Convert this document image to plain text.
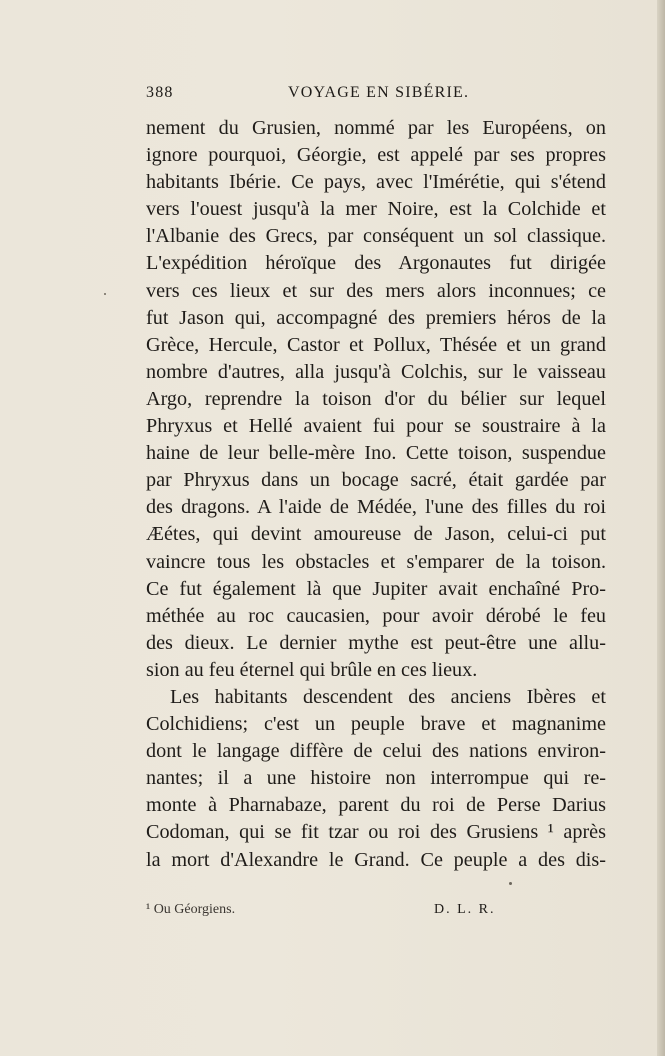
388	VOYAGE EN SIBÉRIE.
nement du Grusien, nommé par les Européens, on
ignore pourquoi, Géorgie, est appelé par ses propres
habitants Ibérie. Ce pays, avec l'Imérétie, qui s'étend
vers l'ouest jusqu'à la mer Noire, est la Colchide et
l'Albanie des Grecs, par conséquent un sol classique.
L'expédition héroïque des Argonautes fut dirigée
vers ces lieux et sur des mers alors inconnues; ce
fut Jason qui, accompagné des premiers héros de la
Grèce, Hercule, Castor et Pollux, Thésée et un grand
nombre d'autres, alla jusqu'à Colchis, sur le vaisseau
Argo, reprendre la toison d'or du bélier sur lequel
Phryxus et Hellé avaient fui pour se soustraire à la
haine de leur belle-mère Ino. Cette toison, suspendue
par Phryxus dans un bocage sacré, était gardée par
des dragons. A l'aide de Médée, l'une des filles du roi
Æétes, qui devint amoureuse de Jason, celui-ci put
vaincre tous les obstacles et s'emparer de la toison.
Ce fut également là que Jupiter avait enchaîné Pro-
méthée au roc caucasien, pour avoir dérobé le feu
des dieux. Le dernier mythe est peut-être une allu-
sion au feu éternel qui brûle en ces lieux.
Les habitants descendent des anciens Ibères et
Colchidiens; c'est un peuple brave et magnanime
dont le langage diffère de celui des nations environ-
nantes; il a une histoire non interrompue qui re-
monte à Pharnabaze, parent du roi de Perse Darius
Codoman, qui se fit tzar ou roi des Grusiens ¹ après
la mort d'Alexandre le Grand. Ce peuple a des dis-
¹ Ou Géorgiens.	D. L. R.
